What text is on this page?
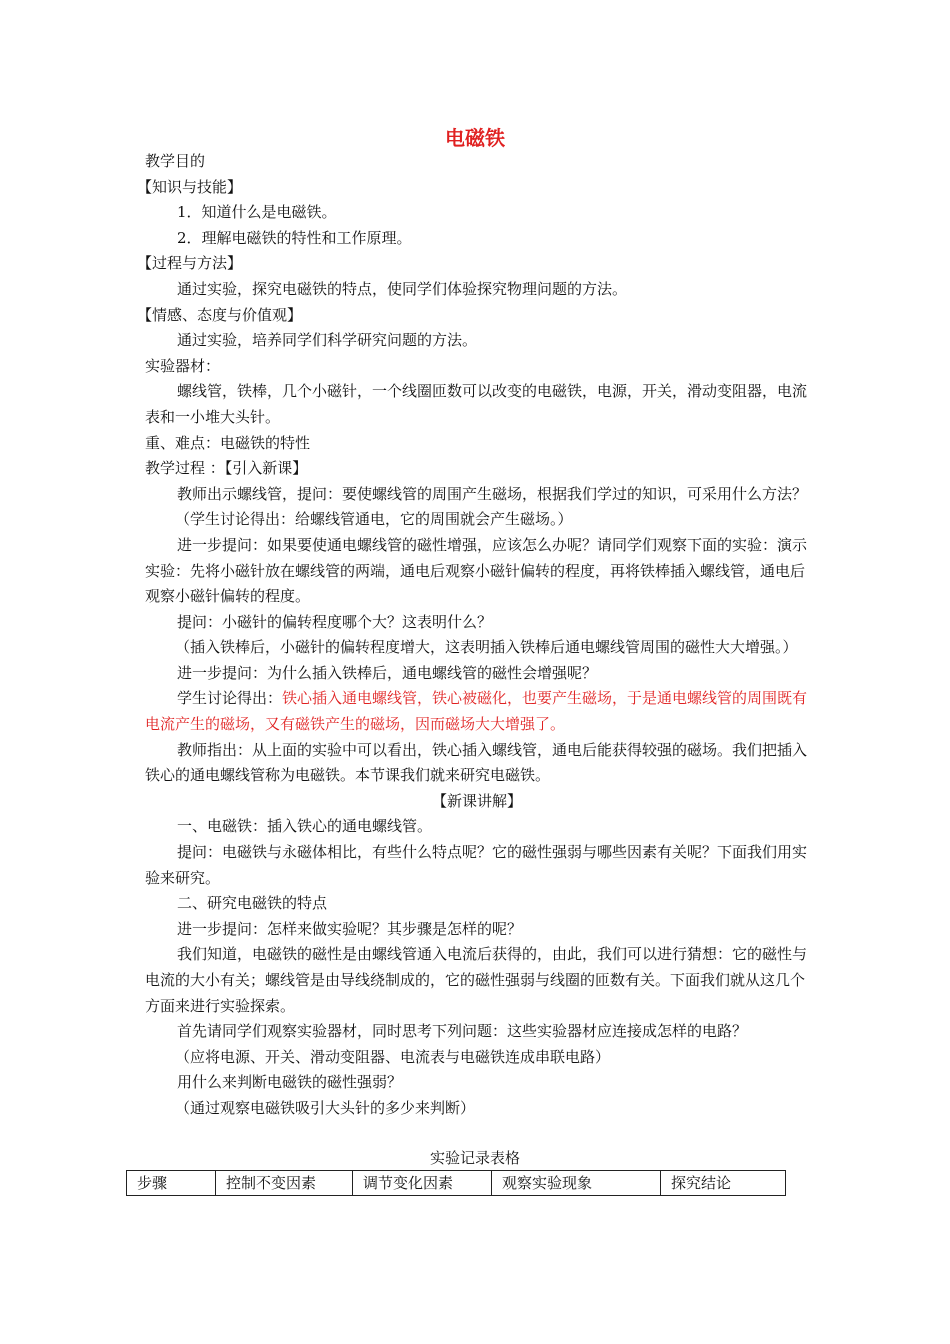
电磁铁

教学目的

【知识与技能】

1．知道什么是电磁铁。

2．理解电磁铁的特性和工作原理。

【过程与方法】

通过实验，探究电磁铁的特点，使同学们体验探究物理问题的方法。

【情感、态度与价值观】

通过实验，培养同学们科学研究问题的方法。

实验器材：

螺线管，铁棒，几个小磁针，一个线圈匝数可以改变的电磁铁，电源，开关，滑动变阻器，电流表和一小堆大头针。

重、难点：电磁铁的特性

教学过程 ：【引入新课】

教师出示螺线管，提问：要使螺线管的周围产生磁场，根据我们学过的知识，可采用什么方法？

（学生讨论得出：给螺线管通电，它的周围就会产生磁场。）

进一步提问：如果要使通电螺线管的磁性增强，应该怎么办呢？请同学们观察下面的实验：演示实验：先将小磁针放在螺线管的两端，通电后观察小磁针偏转的程度，再将铁棒插入螺线管，通电后观察小磁针偏转的程度。

提问：小磁针的偏转程度哪个大？这表明什么？

（插入铁棒后，小磁针的偏转程度增大，这表明插入铁棒后通电螺线管周围的磁性大大增强。）

进一步提问：为什么插入铁棒后，通电螺线管的磁性会增强呢？

学生讨论得出：铁心插入通电螺线管，铁心被磁化，也要产生磁场，于是通电螺线管的周围既有电流产生的磁场，又有磁铁产生的磁场，因而磁场大大增强了。

教师指出：从上面的实验中可以看出，铁心插入螺线管，通电后能获得较强的磁场。我们把插入铁心的通电螺线管称为电磁铁。本节课我们就来研究电磁铁。

【新课讲解】

一、电磁铁：插入铁心的通电螺线管。

提问：电磁铁与永磁体相比，有些什么特点呢？它的磁性强弱与哪些因素有关呢？下面我们用实验来研究。

二、研究电磁铁的特点

进一步提问：怎样来做实验呢？其步骤是怎样的呢？

我们知道，电磁铁的磁性是由螺线管通入电流后获得的，由此，我们可以进行猜想：它的磁性与电流的大小有关；螺线管是由导线绕制成的，它的磁性强弱与线圈的匝数有关。下面我们就从这几个方面来进行实验探索。

首先请同学们观察实验器材，同时思考下列问题：这些实验器材应连接成怎样的电路？

（应将电源、开关、滑动变阻器、电流表与电磁铁连成串联电路）

用什么来判断电磁铁的磁性强弱？

（通过观察电磁铁吸引大头针的多少来判断）

实验记录表格
步骤	控制不变因素	调节变化因素	观察实验现象	探究结论
